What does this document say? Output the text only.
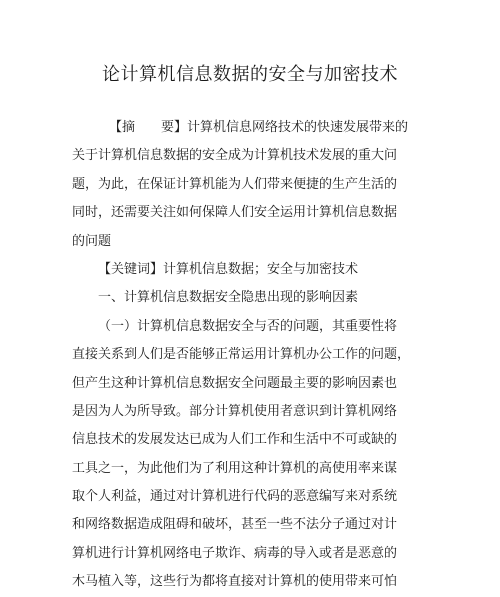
论计算机信息数据的安全与加密技术
【摘　　要】计算机信息网络技术的快速发展带来的
关于计算机信息数据的安全成为计算机技术发展的重大问
题，为此，在保证计算机能为人们带来便捷的生产生活的
同时，还需要关注如何保障人们安全运用计算机信息数据
的问题
【关键词】计算机信息数据；安全与加密技术
一、计算机信息数据安全隐患出现的影响因素
（一）计算机信息数据安全与否的问题，其重要性将
直接关系到人们是否能够正常运用计算机办公工作的问题，
但产生这种计算机信息数据安全问题最主要的影响因素也
是因为人为所导致。部分计算机使用者意识到计算机网络
信息技术的发展发达已成为人们工作和生活中不可或缺的
工具之一，为此他们为了利用这种计算机的高使用率来谋
取个人利益，通过对计算机进行代码的恶意编写来对系统
和网络数据造成阻碍和破坏，甚至一些不法分子通过对计
算机进行计算机网络电子欺诈、病毒的导入或者是恶意的
木马植入等，这些行为都将直接对计算机的使用带来可怕
